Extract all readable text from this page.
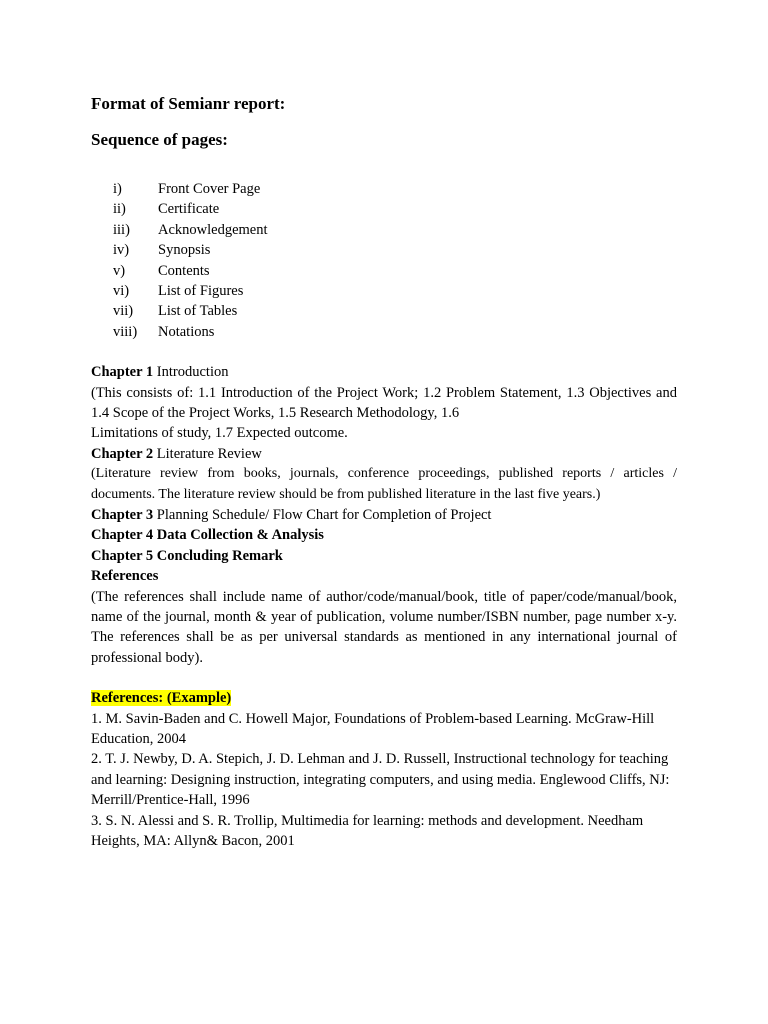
Format of Semianr report:

Sequence of pages:

i)	Front Cover Page
ii)	Certificate
iii)	Acknowledgement
iv)	Synopsis
v)	Contents
vi)	List of Figures
vii)	List of Tables
viii)	Notations
Chapter 1 Introduction
(This consists of: 1.1 Introduction of the Project Work; 1.2 Problem Statement, 1.3 Objectives and 1.4 Scope of the Project Works, 1.5 Research Methodology, 1.6
Limitations of study, 1.7 Expected outcome.
Chapter 2 Literature Review
(Literature review from books, journals, conference proceedings, published reports / articles / documents. The literature review should be from published literature in the last five years.)
Chapter 3 Planning Schedule/ Flow Chart for Completion of Project
Chapter 4 Data Collection & Analysis
Chapter 5 Concluding Remark
References
(The references shall include name of author/code/manual/book, title of paper/code/manual/book, name of the journal, month & year of publication, volume number/ISBN number, page number x-y. The references shall be as per universal standards as mentioned in any international journal of professional body).
References: (Example)
1. M. Savin-Baden and C. Howell Major, Foundations of Problem-based Learning. McGraw-Hill Education, 2004
2. T. J. Newby, D. A. Stepich, J. D. Lehman and J. D. Russell, Instructional technology for teaching and learning: Designing instruction, integrating computers, and using media. Englewood Cliffs, NJ: Merrill/Prentice-Hall, 1996
3. S. N. Alessi and S. R. Trollip, Multimedia for learning: methods and development. Needham Heights, MA: Allyn& Bacon, 2001
